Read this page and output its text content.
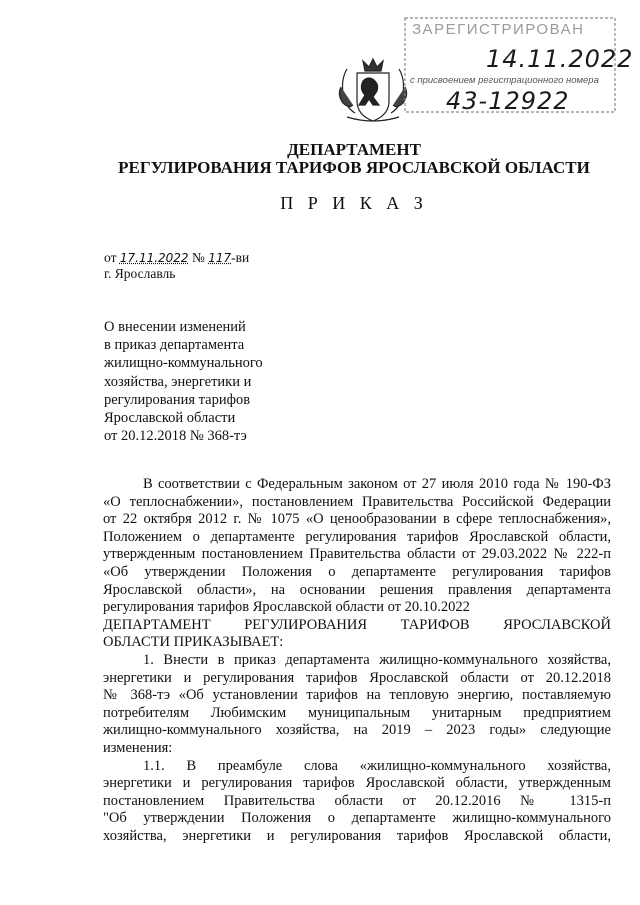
ЗАРЕГИСТРИРОВАН
14.11.2022
с присвоением регистрационного номера
43-12922
ДЕПАРТАМЕНТ
РЕГУЛИРОВАНИЯ ТАРИФОВ ЯРОСЛАВСКОЙ ОБЛАСТИ
П Р И К А З
от 17.11.2022 № 117-ви
г. Ярославль
О внесении изменений
в приказ департамента
жилищно-коммунального
хозяйства, энергетики и
регулирования тарифов
Ярославской области
от 20.12.2018 № 368-тэ
В соответствии с Федеральным законом от 27 июля 2010 года № 190-ФЗ
«О теплоснабжении», постановлением Правительства Российской Федерации
от 22 октября 2012 г. № 1075 «О ценообразовании в сфере теплоснабжения»,
Положением о департаменте регулирования тарифов Ярославской области,
утвержденным постановлением Правительства области от 29.03.2022 № 222-п
«Об утверждении Положения о департаменте регулирования тарифов
Ярославской области», на основании решения правления департамента
регулирования тарифов Ярославской области от 20.10.2022
ДЕПАРТАМЕНТ РЕГУЛИРОВАНИЯ ТАРИФОВ ЯРОСЛАВСКОЙ
ОБЛАСТИ ПРИКАЗЫВАЕТ:
1. Внести в приказ департамента жилищно-коммунального хозяйства,
энергетики и регулирования тарифов Ярославской области от 20.12.2018
№ 368-тэ «Об установлении тарифов на тепловую энергию, поставляемую
потребителям Любимским муниципальным унитарным предприятием
жилищно-коммунального хозяйства, на 2019 – 2023 годы» следующие
изменения:
1.1. В преамбуле слова «жилищно-коммунального хозяйства,
энергетики и регулирования тарифов Ярославской области, утвержденным
постановлением Правительства области от 20.12.2016 № 1315-п
"Об утверждении Положения о департаменте жилищно-коммунального
хозяйства, энергетики и регулирования тарифов Ярославской области,
